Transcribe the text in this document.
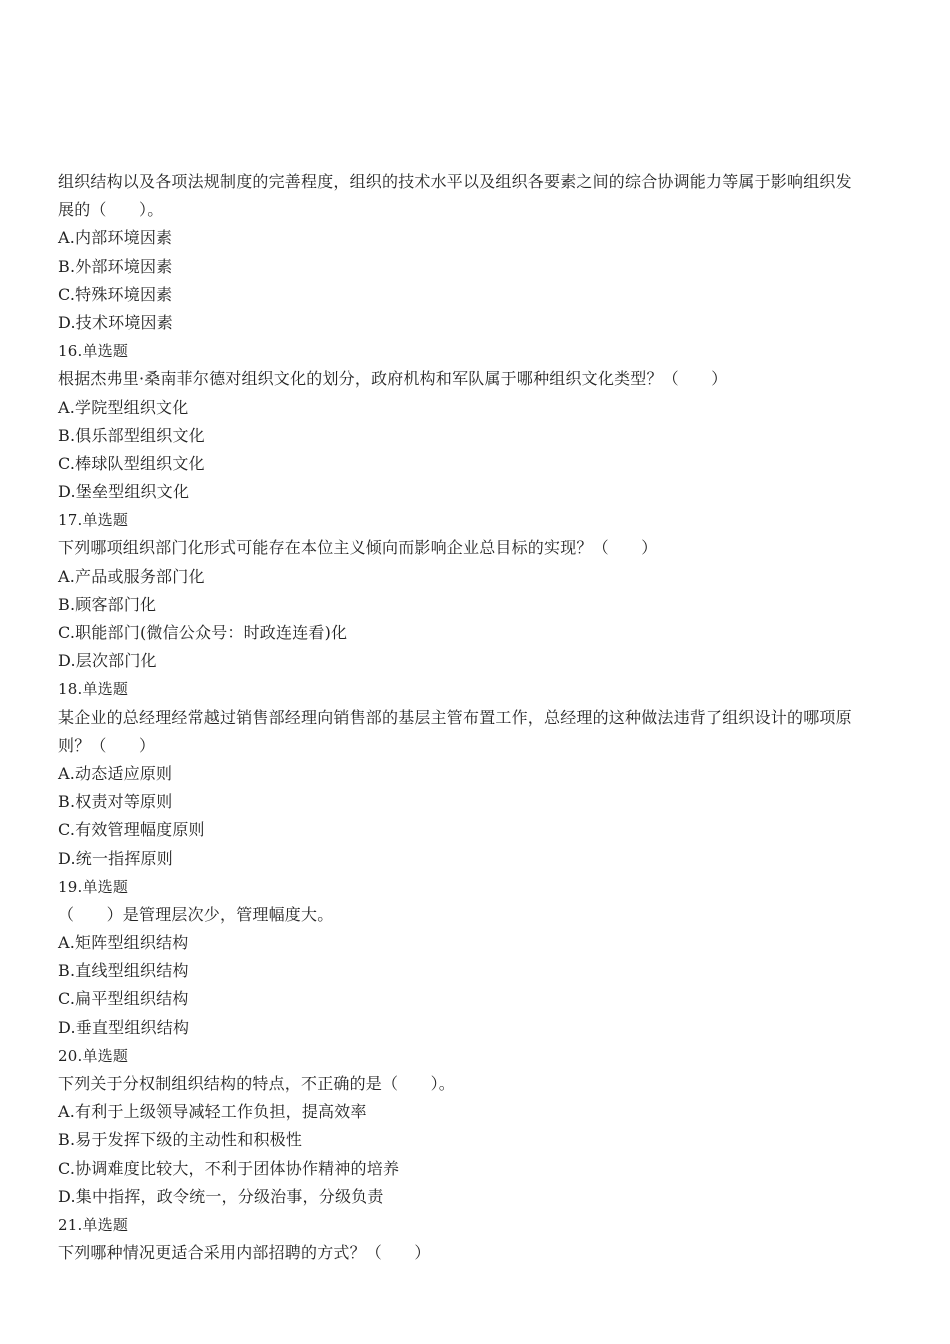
组织结构以及各项法规制度的完善程度，组织的技术水平以及组织各要素之间的综合协调能力等属于影响组织发
展的（　　）。
A.内部环境因素
B.外部环境因素
C.特殊环境因素
D.技术环境因素
16.单选题
根据杰弗里·桑南菲尔德对组织文化的划分，政府机构和军队属于哪种组织文化类型？（　　）
A.学院型组织文化
B.俱乐部型组织文化
C.棒球队型组织文化
D.堡垒型组织文化
17.单选题
下列哪项组织部门化形式可能存在本位主义倾向而影响企业总目标的实现？（　　）
A.产品或服务部门化
B.顾客部门化
C.职能部门(微信公众号：时政连连看)化
D.层次部门化
18.单选题
某企业的总经理经常越过销售部经理向销售部的基层主管布置工作，总经理的这种做法违背了组织设计的哪项原
则？（　　）
A.动态适应原则
B.权责对等原则
C.有效管理幅度原则
D.统一指挥原则
19.单选题
（　　）是管理层次少，管理幅度大。
A.矩阵型组织结构
B.直线型组织结构
C.扁平型组织结构
D.垂直型组织结构
20.单选题
下列关于分权制组织结构的特点，不正确的是（　　）。
A.有利于上级领导减轻工作负担，提高效率
B.易于发挥下级的主动性和积极性
C.协调难度比较大，不利于团体协作精神的培养
D.集中指挥，政令统一，分级治事，分级负责
21.单选题
下列哪种情况更适合采用内部招聘的方式？（　　）
